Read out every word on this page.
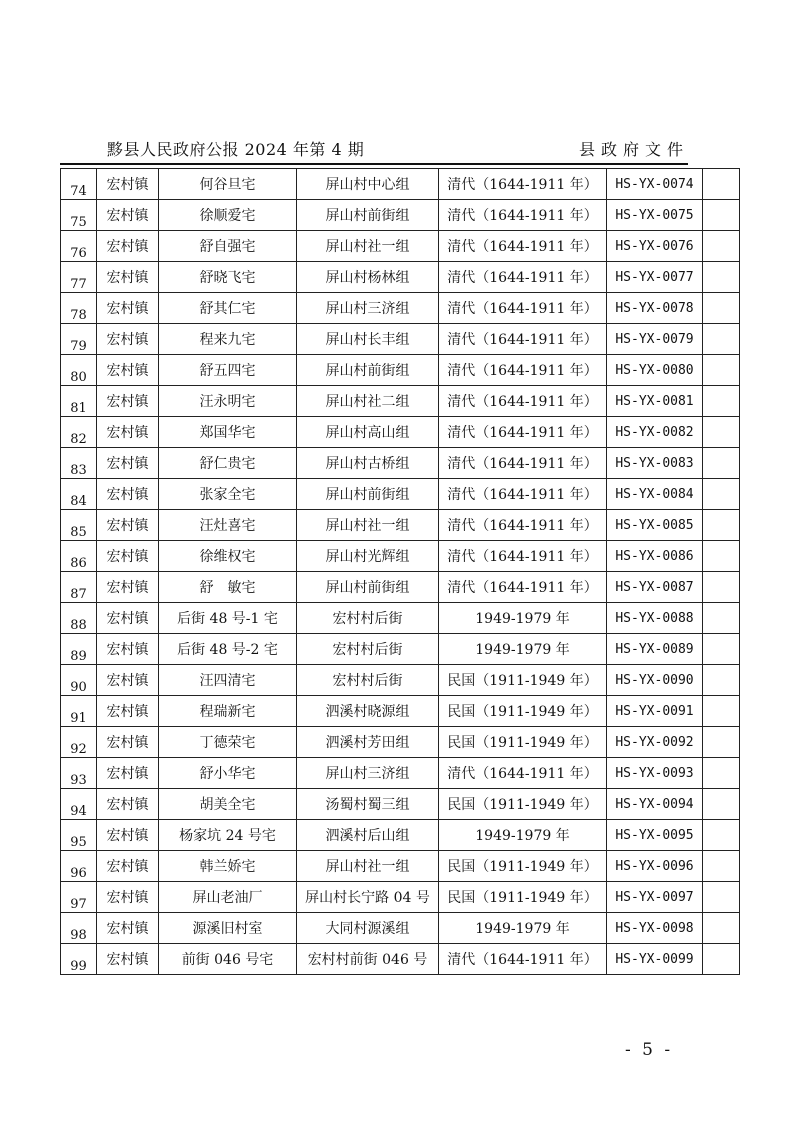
黟县人民政府公报 2024 年第 4 期	县政府文件
74	宏村镇	何谷旦宅	屏山村中心组	清代（1644-1911 年）	HS-YX-0074	
75	宏村镇	徐顺爱宅	屏山村前街组	清代（1644-1911 年）	HS-YX-0075	
76	宏村镇	舒自强宅	屏山村社一组	清代（1644-1911 年）	HS-YX-0076	
77	宏村镇	舒晓飞宅	屏山村杨林组	清代（1644-1911 年）	HS-YX-0077	
78	宏村镇	舒其仁宅	屏山村三济组	清代（1644-1911 年）	HS-YX-0078	
79	宏村镇	程来九宅	屏山村长丰组	清代（1644-1911 年）	HS-YX-0079	
80	宏村镇	舒五四宅	屏山村前街组	清代（1644-1911 年）	HS-YX-0080	
81	宏村镇	汪永明宅	屏山村社二组	清代（1644-1911 年）	HS-YX-0081	
82	宏村镇	郑国华宅	屏山村高山组	清代（1644-1911 年）	HS-YX-0082	
83	宏村镇	舒仁贵宅	屏山村古桥组	清代（1644-1911 年）	HS-YX-0083	
84	宏村镇	张家全宅	屏山村前街组	清代（1644-1911 年）	HS-YX-0084	
85	宏村镇	汪灶喜宅	屏山村社一组	清代（1644-1911 年）	HS-YX-0085	
86	宏村镇	徐维权宅	屏山村光辉组	清代（1644-1911 年）	HS-YX-0086	
87	宏村镇	舒　敏宅	屏山村前街组	清代（1644-1911 年）	HS-YX-0087	
88	宏村镇	后街 48 号-1 宅	宏村村后街	1949-1979 年	HS-YX-0088	
89	宏村镇	后街 48 号-2 宅	宏村村后街	1949-1979 年	HS-YX-0089	
90	宏村镇	汪四清宅	宏村村后街	民国（1911-1949 年）	HS-YX-0090	
91	宏村镇	程瑞新宅	泗溪村晓源组	民国（1911-1949 年）	HS-YX-0091	
92	宏村镇	丁德荣宅	泗溪村芳田组	民国（1911-1949 年）	HS-YX-0092	
93	宏村镇	舒小华宅	屏山村三济组	清代（1644-1911 年）	HS-YX-0093	
94	宏村镇	胡美全宅	汤蜀村蜀三组	民国（1911-1949 年）	HS-YX-0094	
95	宏村镇	杨家坑 24 号宅	泗溪村后山组	1949-1979 年	HS-YX-0095	
96	宏村镇	韩兰娇宅	屏山村社一组	民国（1911-1949 年）	HS-YX-0096	
97	宏村镇	屏山老油厂	屏山村长宁路 04 号	民国（1911-1949 年）	HS-YX-0097	
98	宏村镇	源溪旧村室	大同村源溪组	1949-1979 年	HS-YX-0098	
99	宏村镇	前街 046 号宅	宏村村前街 046 号	清代（1644-1911 年）	HS-YX-0099	
- 5 -
